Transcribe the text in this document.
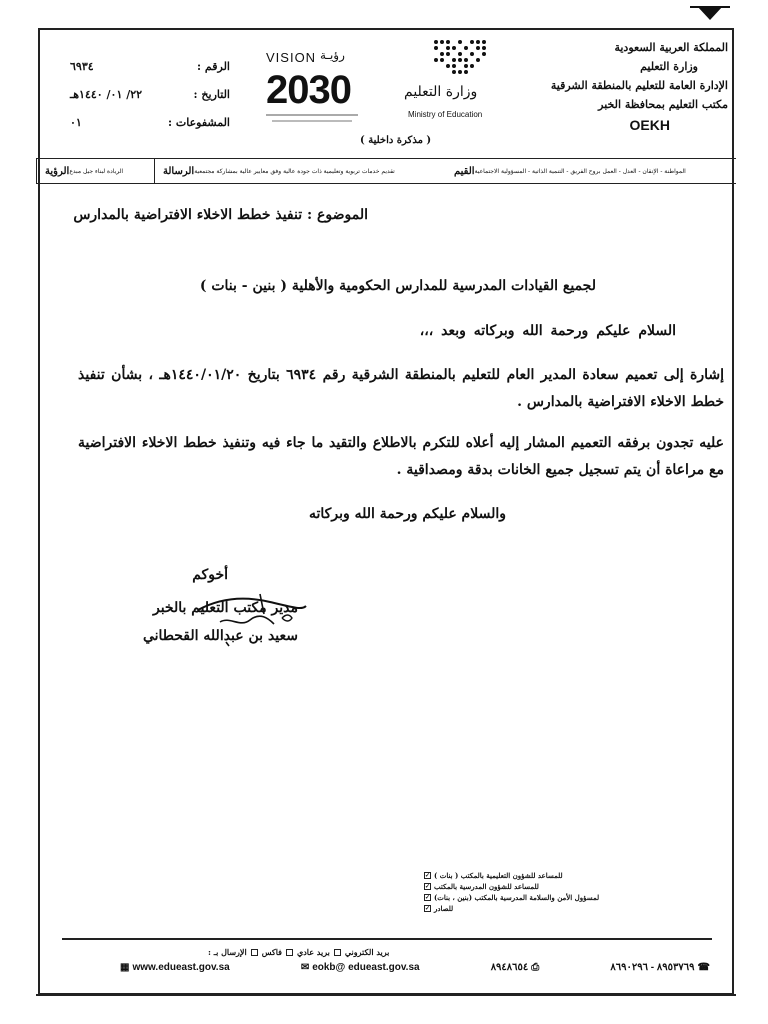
المملكة العربية السعودية
وزارة التعليم
الإدارة العامة للتعليم بالمنطقة الشرقية
مكتب التعليم بمحافظة الخبر
OEKH
الرقم :
٦٩٣٤
التاريخ :
٢٢/ ٠١/ ١٤٤٠هـ
المشفوعات :
٠١
VISION رؤيـة
2030	وزارة التعليم
Ministry of Education
( مذكرة داخلية )
الرؤية الريادة لبناء جيل مبدع	الرسالة تقديم خدمات تربوية وتعليمية ذات جودة عالية وفق معايير عالية بمشاركة مجتمعية	القيم المواطنة - الإتقان - العدل - العمل بروح الفريق - التنمية الذاتية - المسؤولية الاجتماعية
الموضوع : تنفيذ خطط الاخلاء الافتراضية بالمدارس
لجميع القيادات المدرسية للمدارس الحكومية والأهلية ( بنين - بنات )
السلام عليكم ورحمة الله وبركاته وبعد ،،،
إشارة إلى تعميم سعادة المدير العام للتعليم بالمنطقة الشرقية رقم ٦٩٣٤ بتاريخ ١٤٤٠/٠١/٢٠هـ ، بشأن تنفيذ خطط الاخلاء الافتراضية بالمدارس .
عليه تجدون برفقه التعميم المشار إليه أعلاه للتكرم بالاطلاع والتقيد ما جاء فيه وتنفيذ خطط الاخلاء الافتراضية مع مراعاة أن يتم تسجيل جميع الخانات بدقة ومصداقية .
والسلام عليكم ورحمة الله وبركاته
أخوكم
مدير مكتب التعليم بالخبر
سعيد بن عبدالله القحطاني
✓ للمساعد للشؤون التعليمية بالمكتب ( بنات )
✓ للمساعد للشؤون المدرسية بالمكتب
✓ لمسؤول الأمن والسلامة المدرسية بالمكتب (بنين ، بنات)
✓ للصادر
الإرسال بـ : فاكس بريد عادي بريد الكتروني
▦ www.edueast.gov.sa	✉ eokb@ edueast.gov.sa	٨٩٤٨٦٥٤ ⎙	٨٩٥٣٧٦٩ - ٨٦٩٠٢٩٦ ☎
